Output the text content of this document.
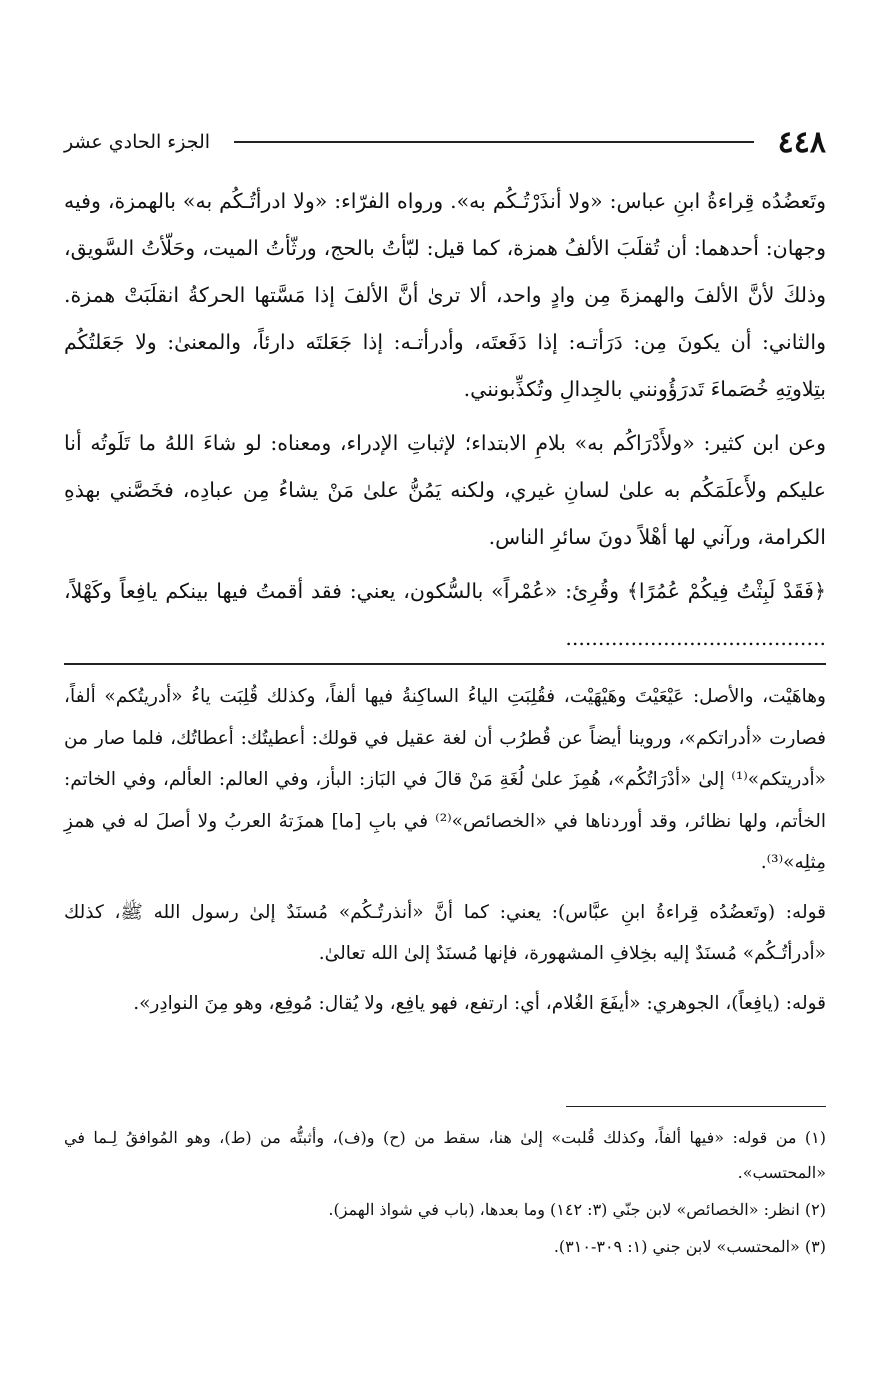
٤٤٨
الجزء الحادي عشر

وتَعضُدُه قِراءةُ ابنِ عباس: «ولا أنذَرْتُـكُم به». ورواه الفرّاء: «ولا ادرأتُـكُم به» بالهمزة، وفيه وجهان: أحدهما: أن تُقلَبَ الألفُ همزة، كما قيل: لبّأتُ بالحج، ورثّأتُ الميت، وحَلّأتُ السَّويق، وذلكَ لأنَّ الألفَ والهمزةَ مِن وادٍ واحد، ألا ترىٰ أنَّ الألفَ إذا مَسَّتها الحركةُ انقلَبَتْ همزة. والثاني: أن يكونَ مِن: دَرَأتـه: إذا دَفَعتَه، وأدرأتـه: إذا جَعَلتَه دارئاً، والمعنىٰ: ولا جَعَلتُكُم بتِلاوتِهِ خُصَماءَ تَدرَؤُونني بالجِدالِ وتُكذِّبونني.

وعن ابن كثير: «ولأَدْرَاكُم به» بلامِ الابتداء؛ لإثباتِ الإدراء، ومعناه: لو شاءَ اللهُ ما تَلَوتُه أنا عليكم ولأَعلَمَكُم به علىٰ لسانِ غيري، ولكنه يَمُنُّ علىٰ مَنْ يشاءُ مِن عبادِه، فخَصَّني بهذهِ الكرامة، ورآني لها أهْلاً دونَ سائرِ الناس.

﴿فَقَدْ لَبِثْتُ فِيكُمْ عُمُرًا﴾ وقُرِئ: «عُمْراً» بالسُّكون، يعني: فقد أقمتُ فيها بينكم يافِعاً وكَهْلاً، ........................................

وهاهَيْت، والأصل: عَيْعَيْتَ وهَيْهَيْت، فقُلِبَتِ الياءُ الساكِنةُ فيها ألفاً، وكذلك قُلِبَت ياءُ «أدريتُكم» ألفاً، فصارت «أدراتكم»، وروينا أيضاً عن قُطرُب أن لغة عقيل في قولك: أعطيتُك: أعطاتُك، فلما صار من «أدريتكم»⁽¹⁾ إلىٰ «أدْرَاتُكُم»، هُمِزَ علىٰ لُغَةِ مَنْ قالَ في البَاز: البأز، وفي العالم: العألم، وفي الخاتم: الخأتم، ولها نظائر، وقد أوردناها في «الخصائص»⁽²⁾ في بابِ [ما] همزَتهُ العربُ ولا أصلَ له في همزِ مِثلِه»⁽³⁾.

قوله: (وتَعضُدُه قِراءةُ ابنِ عبَّاس): يعني: كما أنَّ «أنذرتُـكُم» مُسنَدٌ إلىٰ رسول الله ﷺ، كذلك «أدرأتُـكُم» مُسنَدٌ إليه بخِلافِ المشهورة، فإنها مُسنَدٌ إلىٰ الله تعالىٰ.

قوله: (يافِعاً)، الجوهري: «أيفَعَ الغُلام، أي: ارتفع، فهو يافِع، ولا يُقال: مُوفِع، وهو مِنَ النوادِر».

(١) من قوله: «فيها ألفاً، وكذلك قُلبت» إلىٰ هنا، سقط من (ح) و(ف)، وأثبتُّه من (ط)، وهو المُوافقُ لِـما في «المحتسب».

(٢) انظر: «الخصائص» لابن جنّي (٣: ١٤٢) وما بعدها، (باب في شواذ الهمز).

(٣) «المحتسب» لابن جني (١: ٣٠٩-٣١٠).
